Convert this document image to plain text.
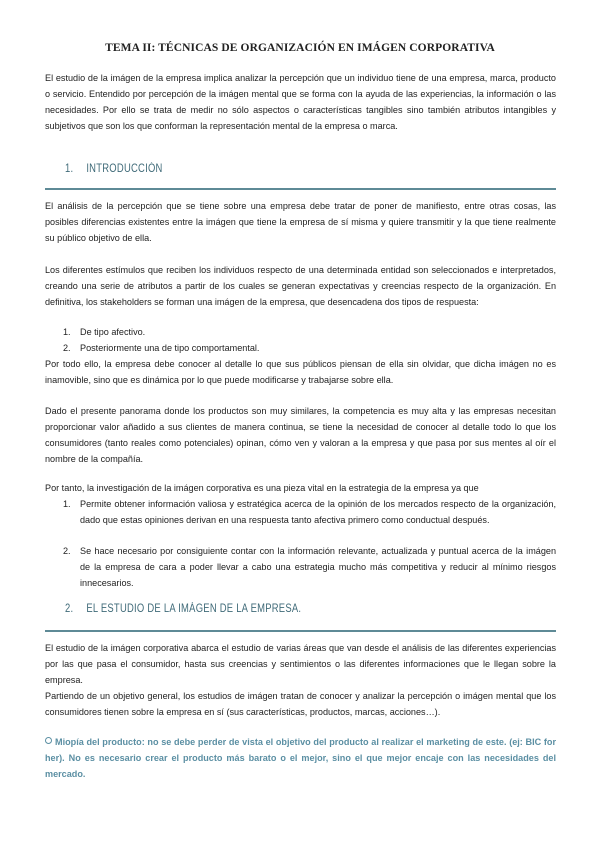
TEMA II: TÉCNICAS DE ORGANIZACIÓN EN IMÁGEN CORPORATIVA

El estudio de la imágen de la empresa implica analizar la percepción que un individuo tiene de una empresa, marca, producto o servicio. Entendido por percepción de la imágen mental que se forma con la ayuda de las experiencias, la información o las necesidades. Por ello se trata de medir no sólo aspectos o características tangibles sino también atributos intangibles y subjetivos que son los que conforman la representación mental de la empresa o marca.

1. INTRODUCCIÓN

El análisis de la percepción que se tiene sobre una empresa debe tratar de poner de manifiesto, entre otras cosas, las posibles diferencias existentes entre la imágen que tiene la empresa de sí misma y quiere transmitir y la que tiene realmente su público objetivo de ella.

Los diferentes estímulos que reciben los individuos respecto de una determinada entidad son seleccionados e interpretados, creando una serie de atributos a partir de los cuales se generan expectativas y creencias respecto de la organización. En definitiva, los stakeholders se forman una imágen de la empresa, que desencadena dos tipos de respuesta:

1. De tipo afectivo.
2. Posteriormente una de tipo comportamental.

Por todo ello, la empresa debe conocer al detalle lo que sus públicos piensan de ella sin olvidar, que dicha imágen no es inamovible, sino que es dinámica por lo que puede modificarse y trabajarse sobre ella.

Dado el presente panorama donde los productos son muy similares, la competencia es muy alta y las empresas necesitan proporcionar valor añadido a sus clientes de manera continua, se tiene la necesidad de conocer al detalle todo lo que los consumidores (tanto reales como potenciales) opinan, cómo ven y valoran a la empresa y que pasa por sus mentes al oír el nombre de la compañía.

Por tanto, la investigación de la imágen corporativa es una pieza vital en la estrategia de la empresa ya que

1. Permite obtener información valiosa y estratégica acerca de la opinión de los mercados respecto de la organización, dado que estas opiniones derivan en una respuesta tanto afectiva primero como conductual después.
2. Se hace necesario por consiguiente contar con la información relevante, actualizada y puntual acerca de la imágen de la empresa de cara a poder llevar a cabo una estrategia mucho más competitiva y reducir al mínimo riesgos innecesarios.
2. EL ESTUDIO DE LA IMÁGEN DE LA EMPRESA.

El estudio de la imágen corporativa abarca el estudio de varias áreas que van desde el análisis de las diferentes experiencias por las que pasa el consumidor, hasta sus creencias y sentimientos o las diferentes informaciones que le llegan sobre la empresa.

Partiendo de un objetivo general, los estudios de imágen tratan de conocer y analizar la percepción o imágen mental que los consumidores tienen sobre la empresa en sí (sus características, productos, marcas, acciones…).

Miopía del producto: no se debe perder de vista el objetivo del producto al realizar el marketing de este. (ej: BIC for her). No es necesario crear el producto más barato o el mejor, sino el que mejor encaje con las necesidades del mercado.
